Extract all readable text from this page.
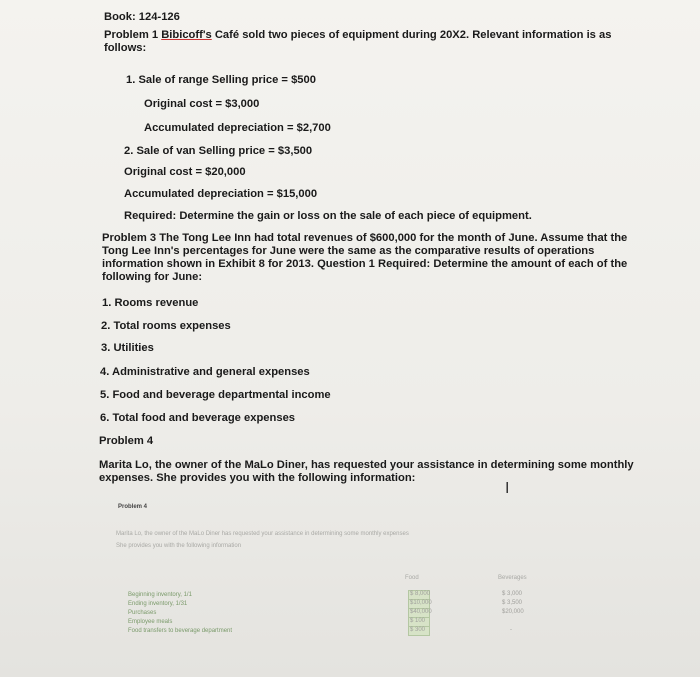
Book: 124-126
Problem 1 Bibicoff's Café sold two pieces of equipment during 20X2. Relevant information is as
follows:
1. Sale of range Selling price = $500
Original cost = $3,000
Accumulated depreciation = $2,700
2. Sale of van Selling price = $3,500
Original cost = $20,000
Accumulated depreciation = $15,000
Required: Determine the gain or loss on the sale of each piece of equipment.
Problem 3 The Tong Lee Inn had total revenues of $600,000 for the month of June. Assume that the
Tong Lee Inn's percentages for June were the same as the comparative results of operations
information shown in Exhibit 8 for 2013. Question 1 Required: Determine the amount of each of the
following for June:
1. Rooms revenue
2. Total rooms expenses
3. Utilities
4. Administrative and general expenses
5. Food and beverage departmental income
6. Total food and beverage expenses
Problem 4
Marita Lo, the owner of the MaLo Diner, has requested your assistance in determining some monthly
expenses. She provides you with the following information:
I
Problem 4
Marita Lo, the owner of the MaLo Diner has requested your assistance in determining some monthly expenses
She provides you with the following information
Food	Beverages
Beginning inventory, 1/1
Ending inventory, 1/31
Purchases
Employee meals
Food transfers to beverage department
$ 8,000
$10,000
$40,000
$ 100
$ 300
$ 3,000
$ 3,500
$20,000
-
